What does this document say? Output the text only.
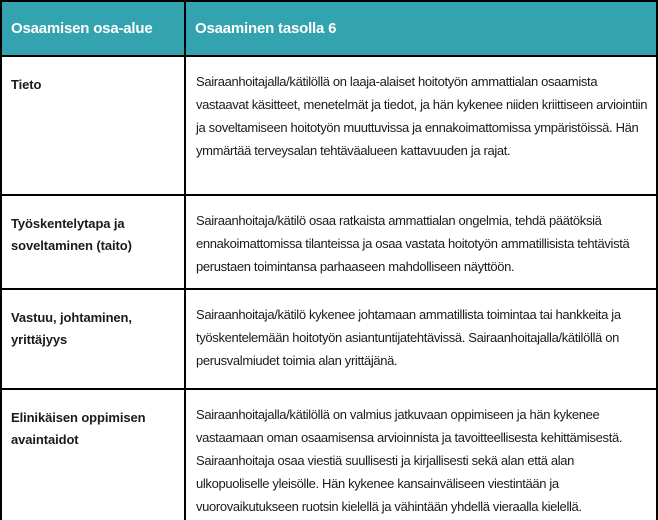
Osaamisen osa-alue	Osaaminen tasolla 6
Tieto	Sairaanhoitajalla/kätilöllä on laaja-alaiset hoitotyön ammattialan osaamista vastaavat käsitteet, menetelmät ja tiedot, ja hän kykenee niiden kriittiseen arviointiin ja soveltamiseen hoitotyön muuttuvissa ja ennakoimattomissa ympäristöissä. Hän ymmärtää terveysalan tehtäväalueen kattavuuden ja rajat.
Työskentelytapa ja soveltaminen (taito)
Sairaanhoitaja/kätilö osaa ratkaista ammattialan ongelmia, tehdä päätöksiä ennakoimattomissa tilanteissa ja osaa vastata hoitotyön ammatillisista tehtävistä perustaen toimintansa parhaaseen mahdolliseen näyttöön.
Vastuu, johtaminen, yrittäjyys
Sairaanhoitaja/kätilö kykenee johtamaan ammatillista toimintaa tai hankkeita ja työskentelemään hoitotyön asiantuntijatehtävissä. Sairaanhoitajalla/kätilöllä on perusvalmiudet toimia alan yrittäjänä.
Elinikäisen oppimisen avaintaidot
Sairaanhoitajalla/kätilöllä on valmius jatkuvaan oppimiseen ja hän kykenee vastaamaan oman osaamisensa arvioinnista ja tavoitteellisesta kehittämisestä. Sairaanhoitaja osaa viestiä suullisesti ja kirjallisesti sekä alan että alan ulkopuoliselle yleisölle. Hän kykenee kansainväliseen viestintään ja vuorovaikutukseen ruotsin kielellä ja vähintään yhdellä vieraalla kielellä.
